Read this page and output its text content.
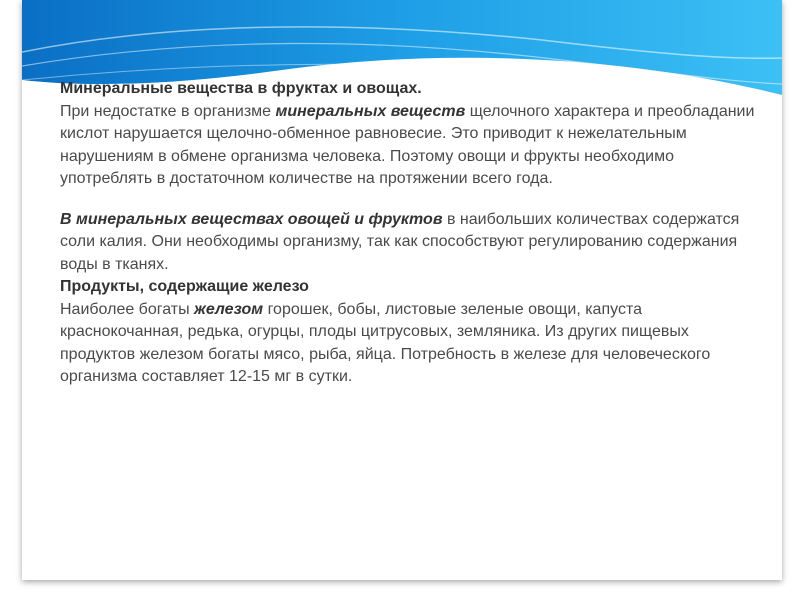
Минеральные вещества в фруктах и овощах.
При недостатке в организме минеральных веществ щелочного характера и преобладании кислот нарушается щелочно-обменное равновесие. Это приводит к нежелательным нарушениям в обмене организма человека. Поэтому овощи и фрукты необходимо употреблять в достаточном количестве на протяжении всего года.

В минеральных веществах овощей и фруктов в наибольших количествах содержатся соли калия. Они необходимы организму, так как способствуют регулированию содержания воды в тканях.

Продукты, содержащие железо
Наиболее богаты железом горошек, бобы, листовые зеленые овощи, капуста краснокочанная, редька, огурцы, плоды цитрусовых, земляника. Из других пищевых продуктов железом богаты мясо, рыба, яйца. Потребность в железе для человеческого организма составляет 12-15 мг в сутки.
